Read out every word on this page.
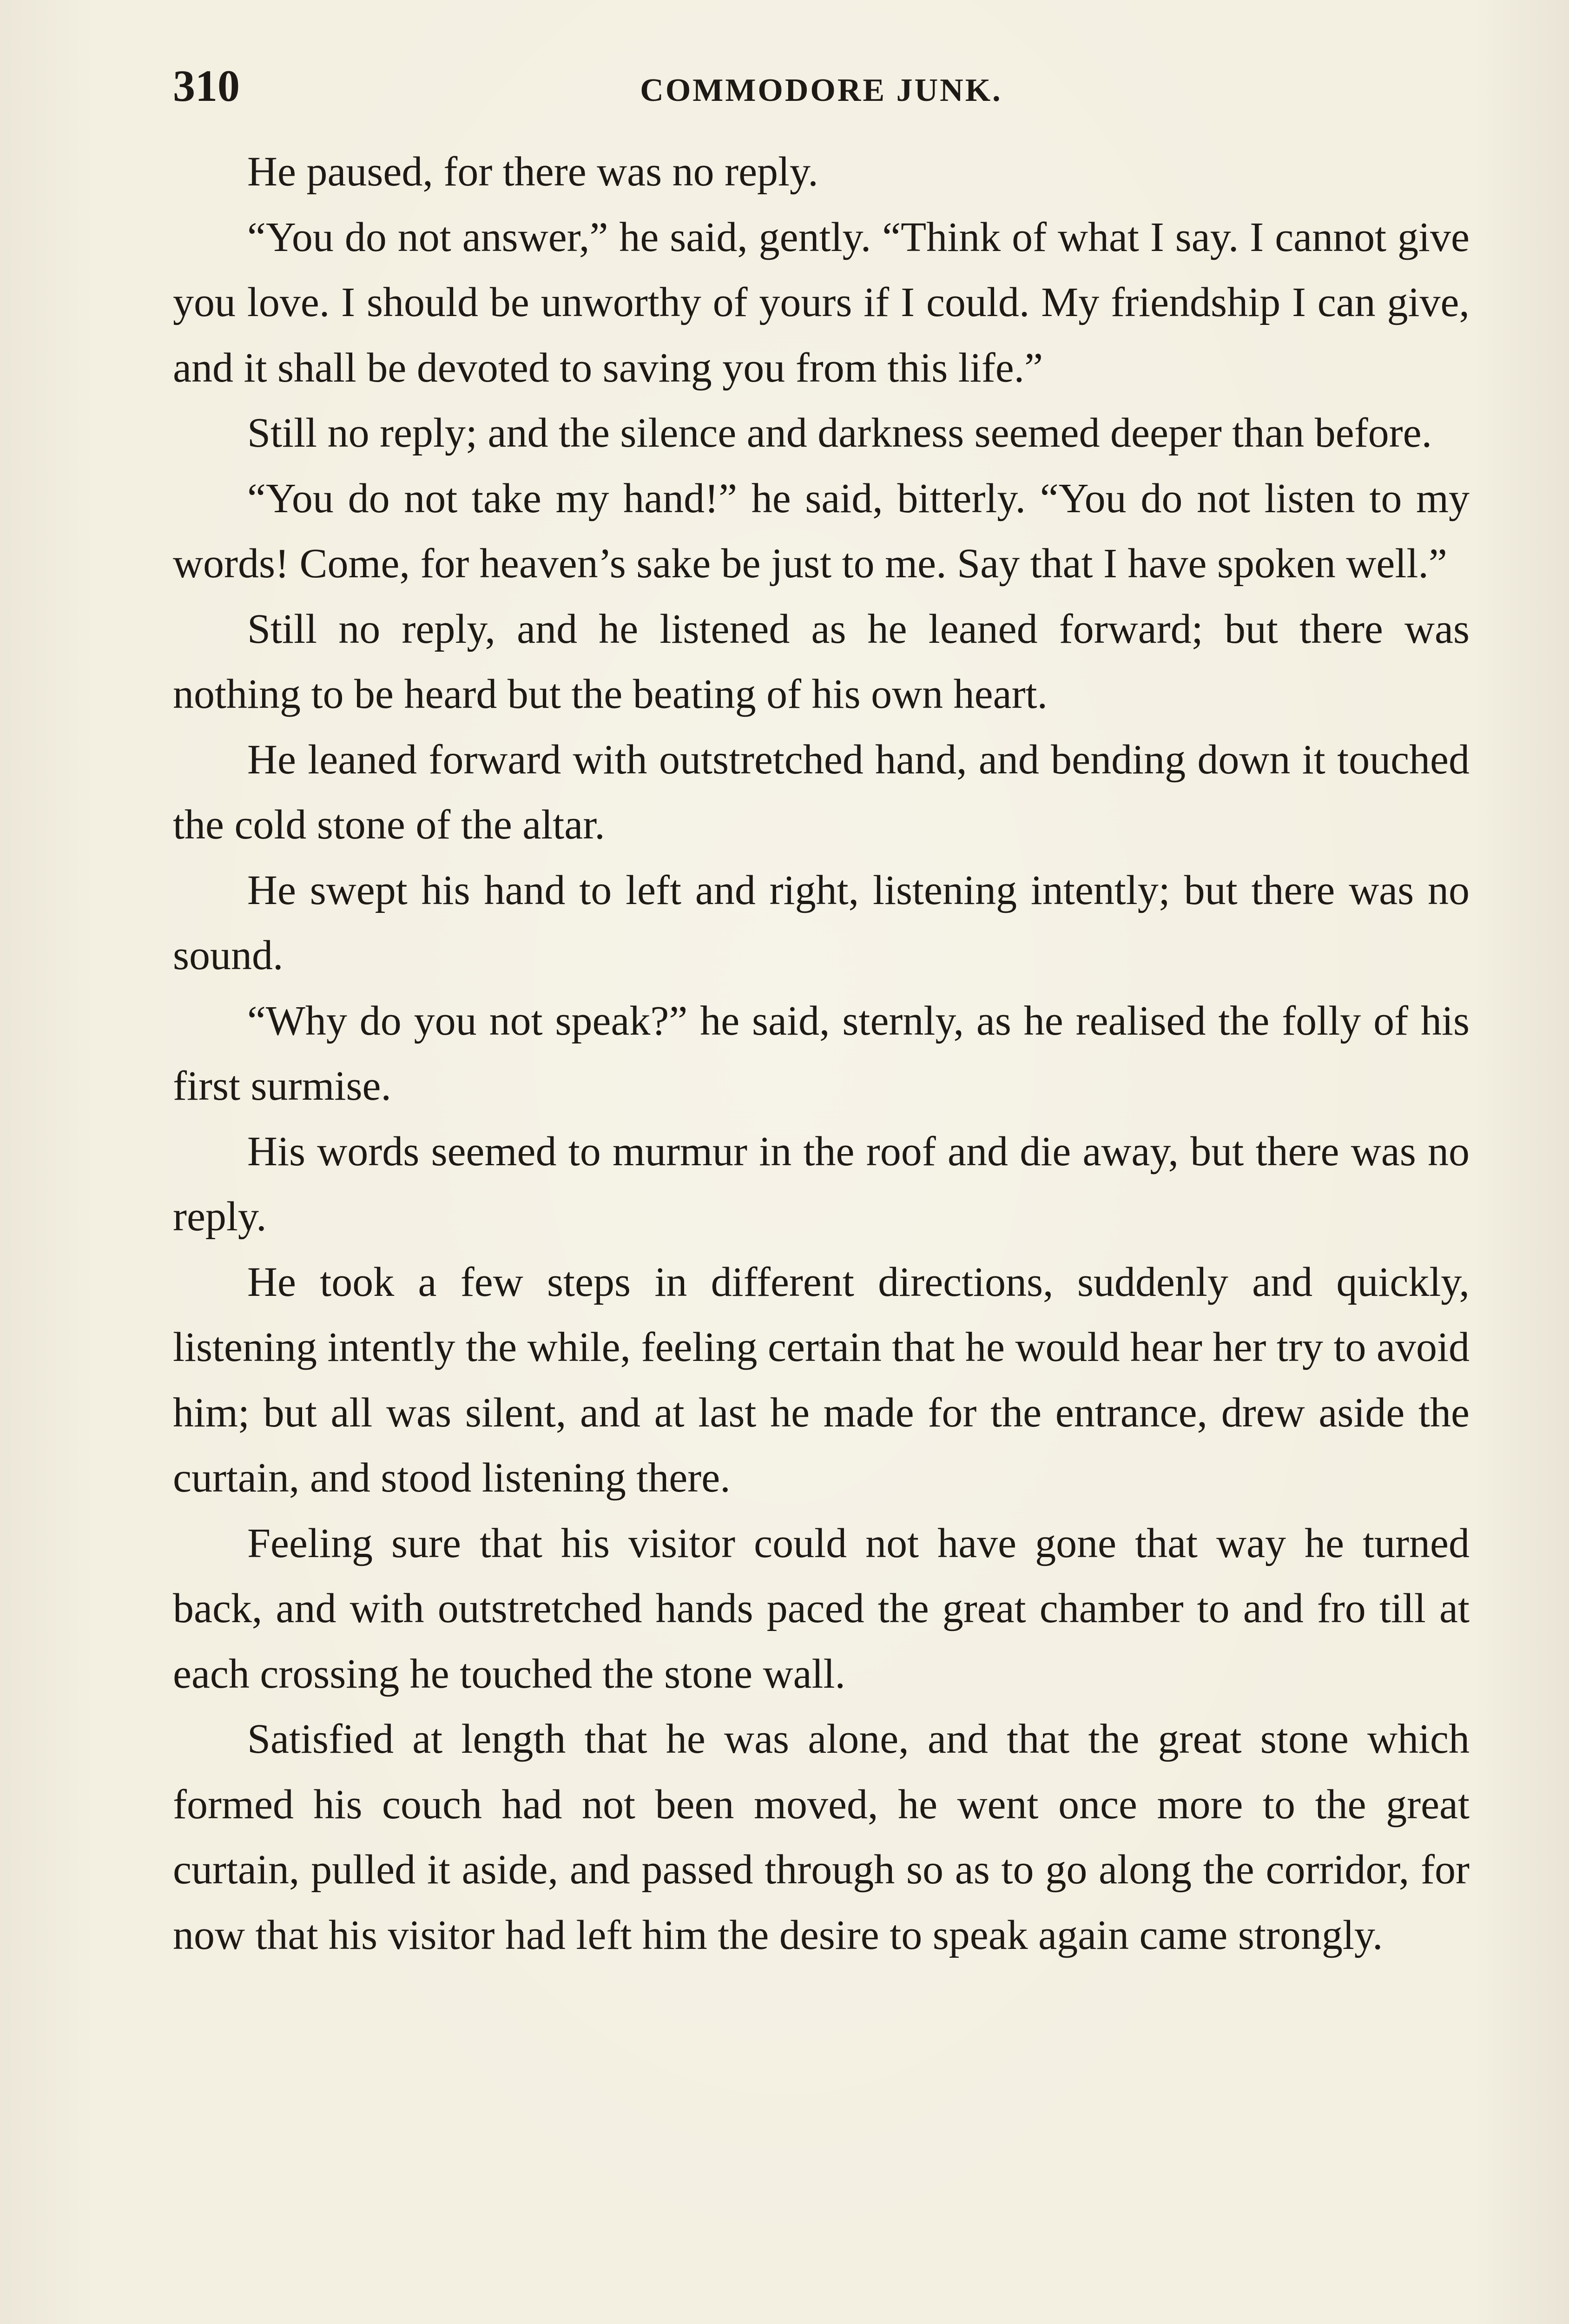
310	COMMODORE JUNK.

He paused, for there was no reply.

“You do not answer,” he said, gently. “Think of what I say. I cannot give you love. I should be unworthy of yours if I could. My friendship I can give, and it shall be devoted to saving you from this life.”

Still no reply; and the silence and darkness seemed deeper than before.

“You do not take my hand!” he said, bitterly. “You do not listen to my words! Come, for heaven’s sake be just to me. Say that I have spoken well.”

Still no reply, and he listened as he leaned forward; but there was nothing to be heard but the beating of his own heart.

He leaned forward with outstretched hand, and bending down it touched the cold stone of the altar.

He swept his hand to left and right, listening intently; but there was no sound.

“Why do you not speak?” he said, sternly, as he realised the folly of his first surmise.

His words seemed to murmur in the roof and die away, but there was no reply.

He took a few steps in different directions, suddenly and quickly, listening intently the while, feeling certain that he would hear her try to avoid him; but all was silent, and at last he made for the entrance, drew aside the curtain, and stood listening there.

Feeling sure that his visitor could not have gone that way he turned back, and with outstretched hands paced the great chamber to and fro till at each crossing he touched the stone wall.

Satisfied at length that he was alone, and that the great stone which formed his couch had not been moved, he went once more to the great curtain, pulled it aside, and passed through so as to go along the corridor, for now that his visitor had left him the desire to speak again came strongly.
